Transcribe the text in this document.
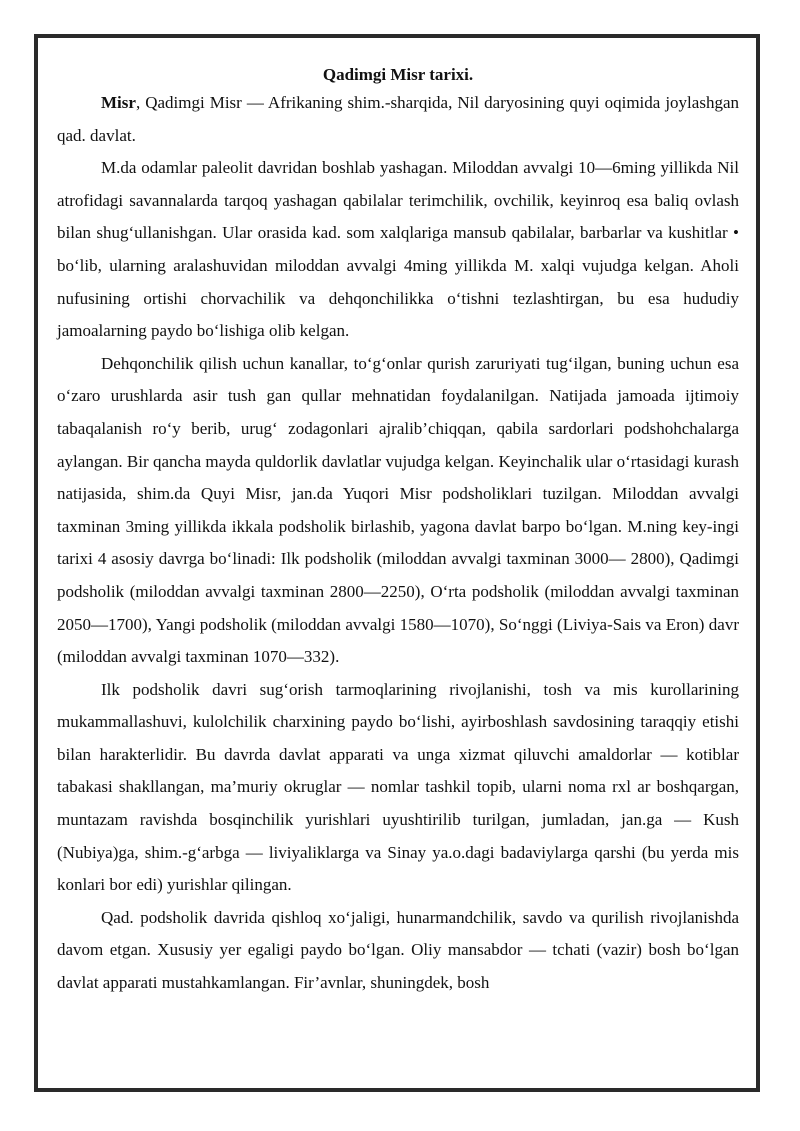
Qadimgi Misr tarixi.

Misr, Qadimgi Misr — Afrikaning shim.-sharqida, Nil daryosining quyi oqimida joylashgan qad. davlat.

M.da odamlar paleolit davridan boshlab yashagan. Miloddan avvalgi 10—6ming yillikda Nil atrofidagi savannalarda tarqoq yashagan qabilalar terimchilik, ovchilik, keyinroq esa baliq ovlash bilan shug‘ullanishgan. Ular orasida kad. som xalqlariga mansub qabilalar, barbarlar va kushitlar • bo‘lib, ularning aralashuvidan miloddan avvalgi 4ming yillikda M. xalqi vujudga kelgan. Aholi nufusining ortishi chorvachilik va dehqonchilikka o‘tishni tezlashtirgan, bu esa hududiy jamoalarning paydo bo‘lishiga olib kelgan.

Dehqonchilik qilish uchun kanallar, to‘g‘onlar qurish zaruriyati tug‘ilgan, buning uchun esa o‘zaro urushlarda asir tush gan qullar mehnatidan foydalanilgan. Natijada jamoada ijtimoiy tabaqalanish ro‘y berib, urug‘ zodagonlari ajralib’chiqqan, qabila sardorlari podshohchalarga aylangan. Bir qancha mayda quldorlik davlatlar vujudga kelgan. Keyinchalik ular o‘rtasidagi kurash natijasida, shim.da Quyi Misr, jan.da Yuqori Misr podsholiklari tuzilgan. Miloddan avvalgi taxminan 3ming yillikda ikkala podsholik birlashib, yagona davlat barpo bo‘lgan. M.ning key-ingi tarixi 4 asosiy davrga bo‘linadi: Ilk podsholik (miloddan avvalgi taxminan 3000— 2800), Qadimgi podsholik (miloddan avvalgi taxminan 2800—2250), O‘rta podsholik (miloddan avvalgi taxminan 2050—1700), Yangi podsholik (miloddan avvalgi 1580—1070), So‘nggi (Liviya-Sais va Eron) davr (miloddan avvalgi taxminan 1070—332).

Ilk podsholik davri sug‘orish tarmoqlarining rivojlanishi, tosh va mis kurollarining mukammallashuvi, kulolchilik charxining paydo bo‘lishi, ayirboshlash savdosining taraqqiy etishi bilan harakterlidir. Bu davrda davlat apparati va unga xizmat qiluvchi amaldorlar — kotiblar tabakasi shakllangan, ma’muriy okruglar — nomlar tashkil topib, ularni noma rxl ar boshqargan, muntazam ravishda bosqinchilik yurishlari uyushtirilib turilgan, jumladan, jan.ga — Kush (Nubiya)ga, shim.-g‘arbga — liviyaliklarga va Sinay ya.o.dagi badaviylarga qarshi (bu yerda mis konlari bor edi) yurishlar qilingan.

Qad. podsholik davrida qishloq xo‘jaligi, hunarmandchilik, savdo va qurilish rivojlanishda davom etgan. Xususiy yer egaligi paydo bo‘lgan. Oliy mansabdor — tchati (vazir) bosh bo‘lgan davlat apparati mustahkamlangan. Fir’avnlar, shuningdek, bosh
